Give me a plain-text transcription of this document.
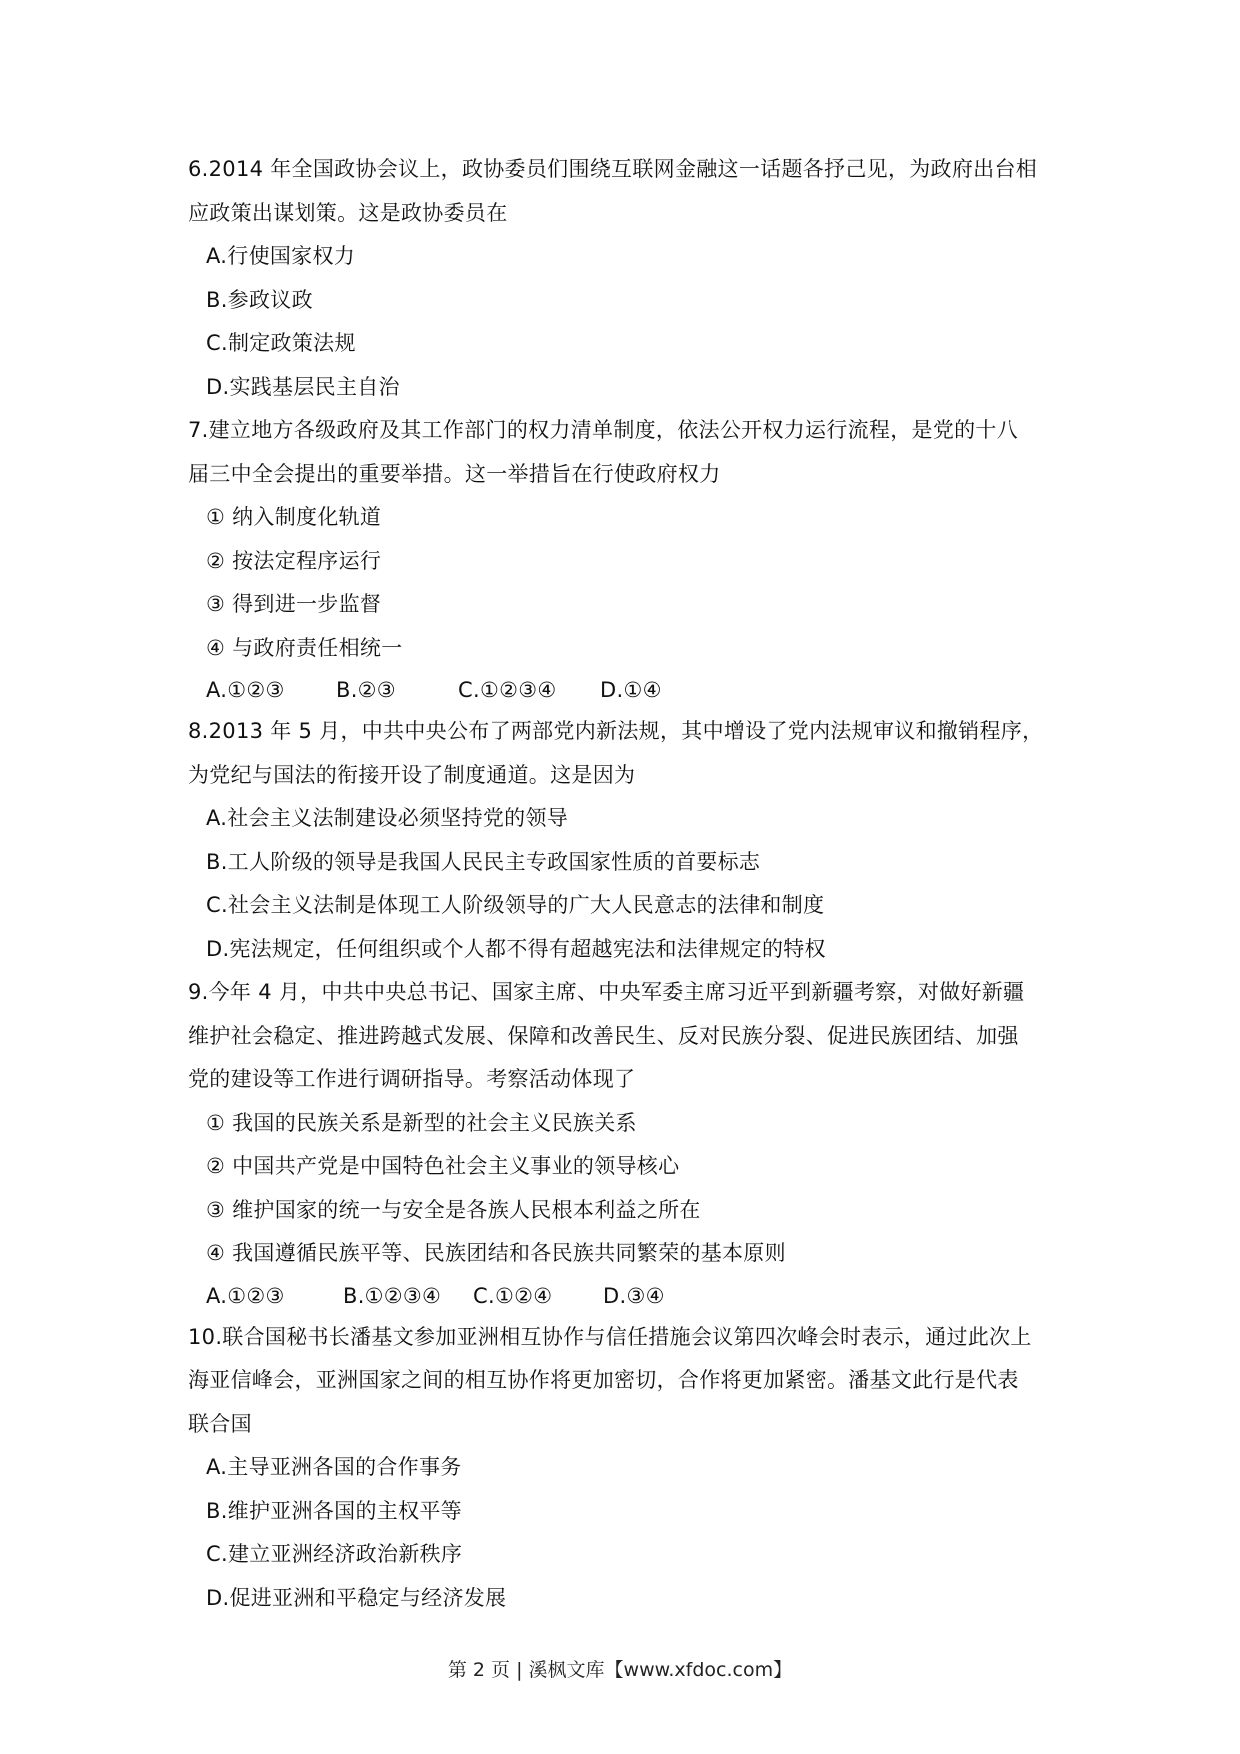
6.2014 年全国政协会议上，政协委员们围绕互联网金融这一话题各抒己见，为政府出台相
应政策出谋划策。这是政协委员在
A.行使国家权力
B.参政议政
C.制定政策法规
D.实践基层民主自治
7.建立地方各级政府及其工作部门的权力清单制度，依法公开权力运行流程，是党的十八
届三中全会提出的重要举措。这一举措旨在行使政府权力
① 纳入制度化轨道
② 按法定程序运行
③ 得到进一步监督
④ 与政府责任相统一
A.①②③ B.②③	C.①②③④ D.①④
8.2013 年 5 月，中共中央公布了两部党内新法规，其中增设了党内法规审议和撤销程序，
为党纪与国法的衔接开设了制度通道。这是因为
A.社会主义法制建设必须坚持党的领导
B.工人阶级的领导是我国人民民主专政国家性质的首要标志
C.社会主义法制是体现工人阶级领导的广大人民意志的法律和制度
D.宪法规定，任何组织或个人都不得有超越宪法和法律规定的特权
9.今年 4 月，中共中央总书记、国家主席、中央军委主席习近平到新疆考察，对做好新疆
维护社会稳定、推进跨越式发展、保障和改善民生、反对民族分裂、促进民族团结、加强
党的建设等工作进行调研指导。考察活动体现了
① 我国的民族关系是新型的社会主义民族关系
② 中国共产党是中国特色社会主义事业的领导核心
③ 维护国家的统一与安全是各族人民根本利益之所在
④ 我国遵循民族平等、民族团结和各民族共同繁荣的基本原则
A.①②③	B.①②③④ C.①②④ D.③④
10.联合国秘书长潘基文参加亚洲相互协作与信任措施会议第四次峰会时表示，通过此次上
海亚信峰会，亚洲国家之间的相互协作将更加密切，合作将更加紧密。潘基文此行是代表
联合国
A.主导亚洲各国的合作事务
B.维护亚洲各国的主权平等
C.建立亚洲经济政治新秩序
D.促进亚洲和平稳定与经济发展
第 2 页 | 溪枫文库【www.xfdoc.com】
